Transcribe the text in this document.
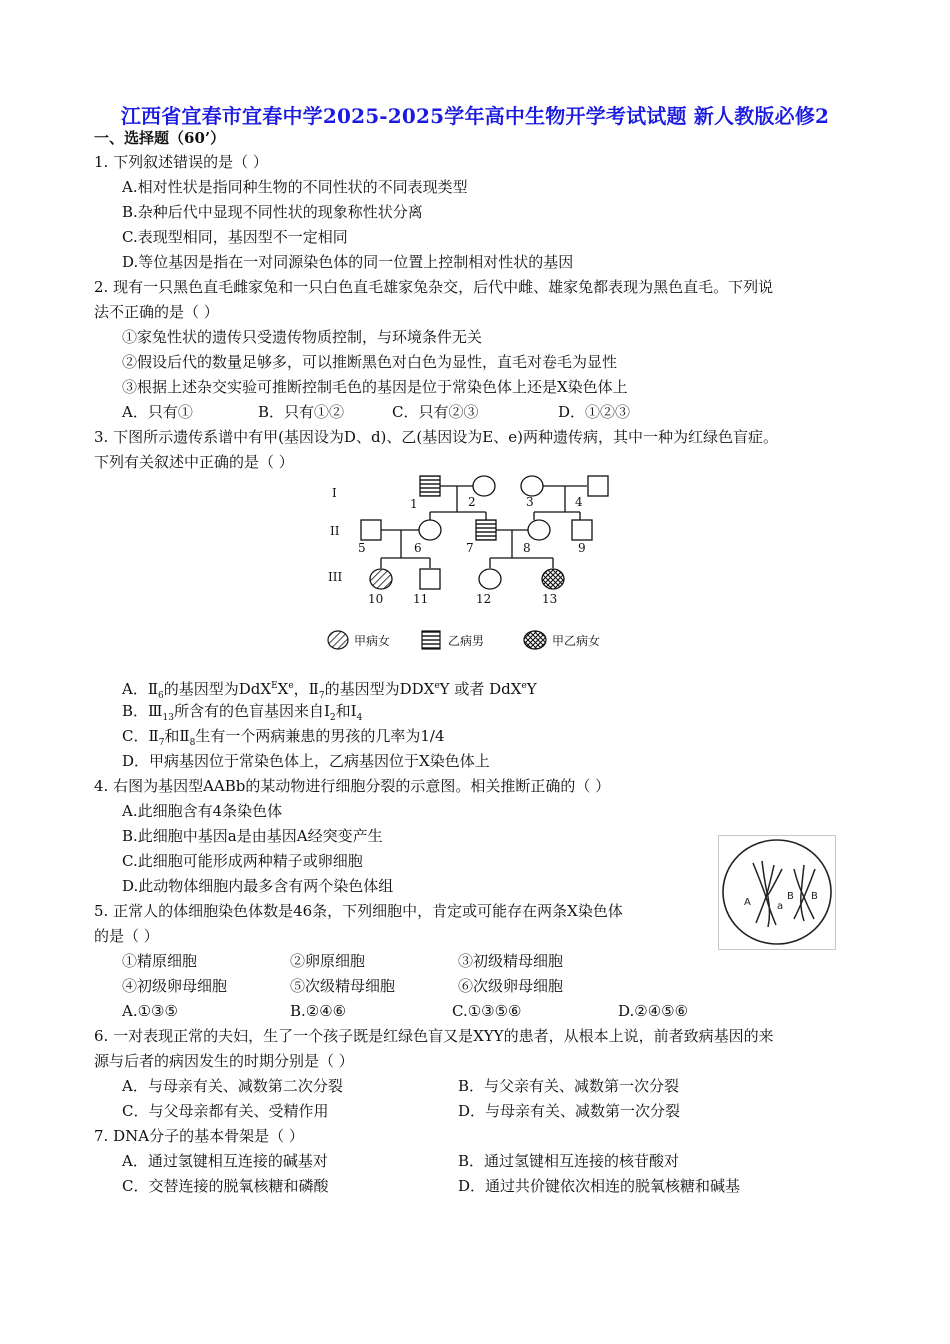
江西省宜春市宜春中学2025-2025学年高中生物开学考试试题 新人教版必修2
一、选择题（60’）
1. 下列叙述错误的是（ ）
A.相对性状是指同种生物的不同性状的不同表现类型
B.杂种后代中显现不同性状的现象称性状分离
C.表现型相同，基因型不一定相同
D.等位基因是指在一对同源染色体的同一位置上控制相对性状的基因
2. 现有一只黑色直毛雌家兔和一只白色直毛雄家兔杂交，后代中雌、雄家兔都表现为黑色直毛。下列说
法不正确的是（ ）
①家兔性状的遗传只受遗传物质控制，与环境条件无关
②假设后代的数量足够多，可以推断黑色对白色为显性，直毛对卷毛为显性
③根据上述杂交实验可推断控制毛色的基因是位于常染色体上还是X染色体上
A．只有①	B．只有①②	C．只有②③	D．①②③
3. 下图所示遗传系谱中有甲(基因设为D、d)、乙(基因设为E、e)两种遗传病，其中一种为红绿色盲症。
下列有关叙述中正确的是（ ）
I
II
III
1	2	3	4
5	6	7	8	9
10 11	12	13
甲病女	乙病男	甲乙病女
A．$Ⅱ_6$的基因型为DdX$^E$Xe，$Ⅱ_7$的基因型为DDXeY 或者 DdX$^e$Y
B．$Ⅲ_{13}$所含有的色盲基因来自$Ⅰ_2$和$Ⅰ_4$
C．$Ⅱ_7$和$Ⅱ_8$生有一个两病兼患的男孩的几率为1/4
D．甲病基因位于常染色体上，乙病基因位于X染色体上
4. 右图为基因型AABb的某动物进行细胞分裂的示意图。相关推断正确的（ ）
A.此细胞含有4条染色体
B.此细胞中基因a是由基因A经突变产生
C.此细胞可能形成两种精子或卵细胞
D.此动物体细胞内最多含有两个染色体组
A	a
B B
5. 正常人的体细胞染色体数是46条，下列细胞中，肯定或可能存在两条X染色体
的是（ ）
①精原细胞	②卵原细胞	③初级精母细胞
④初级卵母细胞	⑤次级精母细胞	⑥次级卵母细胞
A.①③⑤	B.②④⑥	C.①③⑤⑥	D.②④⑤⑥
6. 一对表现正常的夫妇，生了一个孩子既是红绿色盲又是XYY的患者，从根本上说，前者致病基因的来
源与后者的病因发生的时期分别是（ ）
A．与母亲有关、减数第二次分裂	B．与父亲有关、减数第一次分裂
C．与父母亲都有关、受精作用	D．与母亲有关、减数第一次分裂
7. DNA分子的基本骨架是（ ）
A．通过氢键相互连接的碱基对	B．通过氢键相互连接的核苷酸对
C．交替连接的脱氧核糖和磷酸	D．通过共价键依次相连的脱氧核糖和碱基
